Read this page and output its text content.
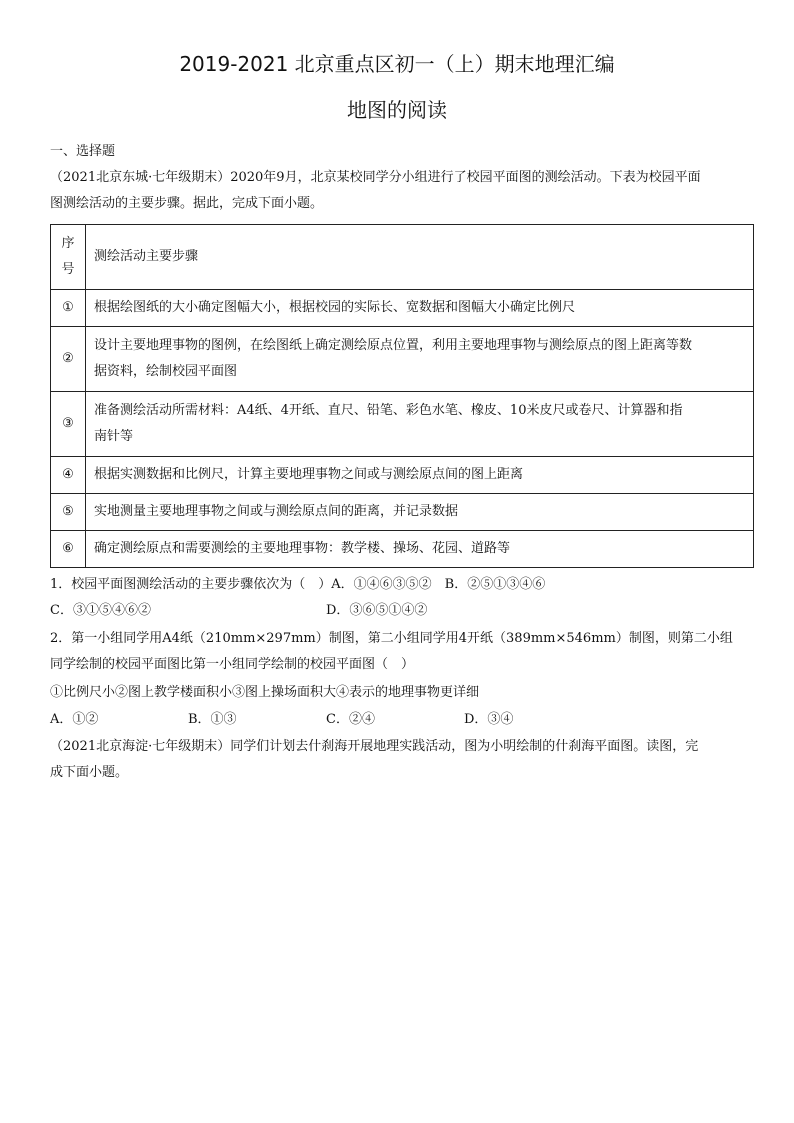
2019-2021 北京重点区初一（上）期末地理汇编
地图的阅读
一、选择题
（2021北京东城·七年级期末）2020年9月，北京某校同学分小组进行了校园平面图的测绘活动。下表为校园平面
图测绘活动的主要步骤。据此，完成下面小题。
序
号	测绘活动主要步骤
①	根据绘图纸的大小确定图幅大小，根据校园的实际长、宽数据和图幅大小确定比例尺

②	设计主要地理事物的图例，在绘图纸上确定测绘原点位置，利用主要地理事物与测绘原点的图上距离等数
据资料，绘制校园平面图

③	准备测绘活动所需材料：A4纸、4开纸、直尺、铅笔、彩色水笔、橡皮、10米皮尺或卷尺、计算器和指
南针等

④	根据实测数据和比例尺，计算主要地理事物之间或与测绘原点间的图上距离

⑤	实地测量主要地理事物之间或与测绘原点间的距离，并记录数据

⑥	确定测绘原点和需要测绘的主要地理事物：教学楼、操场、花园、道路等
1．校园平面图测绘活动的主要步骤依次为（　）A．①④⑥③⑤②　B．②⑤①③④⑥
C．③①⑤④⑥②	D．③⑥⑤①④②
2．第一小组同学用A4纸（210mm×297mm）制图，第二小组同学用4开纸（389mm×546mm）制图，则第二小组
同学绘制的校园平面图比第一小组同学绘制的校园平面图（　）
①比例尺小②图上教学楼面积小③图上操场面积大④表示的地理事物更详细
A．①②	B．①③	C．②④	D．③④
（2021北京海淀·七年级期末）同学们计划去什刹海开展地理实践活动，图为小明绘制的什刹海平面图。读图，完
成下面小题。
